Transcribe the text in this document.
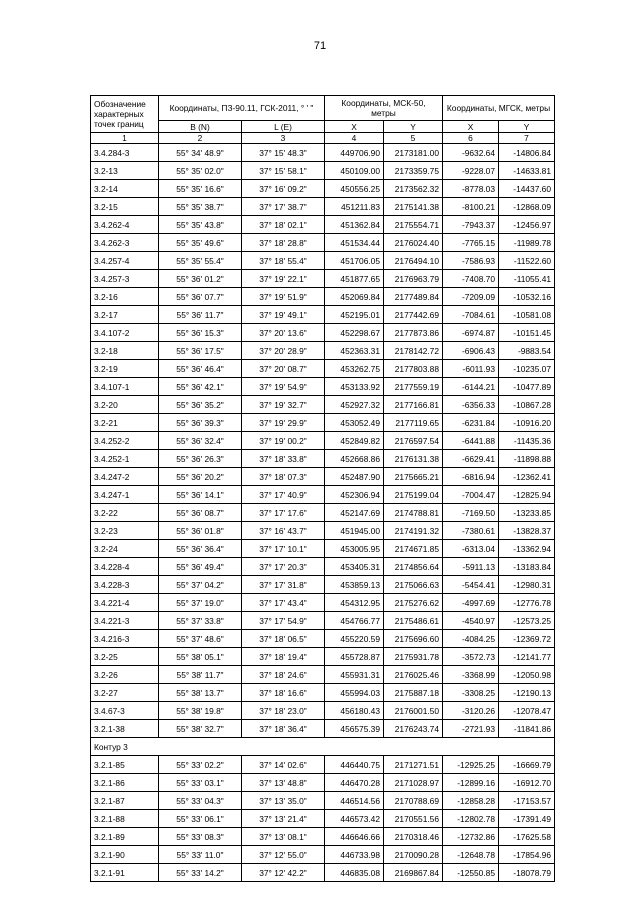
71
Обозначение характерных точек границ	Координаты, ПЗ-90.11, ГСК-2011, ° ' "		Координаты, МСК-50, метры		Координаты, МГСК, метры	
	B (N)	L (E)	X	Y	X	Y
1	2	3	4	5	6	7
3.4.284-3	55° 34' 48.9"	37° 15' 48.3"	449706.90	2173181.00	-9632.64	-14806.84
3.2-13	55° 35' 02.0"	37° 15' 58.1"	450109.00	2173359.75	-9228.07	-14633.81
3.2-14	55° 35' 16.6"	37° 16' 09.2"	450556.25	2173562.32	-8778.03	-14437.60
3.2-15	55° 35' 38.7"	37° 17' 38.7"	451211.83	2175141.38	-8100.21	-12868.09
3.4.262-4	55° 35' 43.8"	37° 18' 02.1"	451362.84	2175554.71	-7943.37	-12456.97
3.4.262-3	55° 35' 49.6"	37° 18' 28.8"	451534.44	2176024.40	-7765.15	-11989.78
3.4.257-4	55° 35' 55.4"	37° 18' 55.4"	451706.05	2176494.10	-7586.93	-11522.60
3.4.257-3	55° 36' 01.2"	37° 19' 22.1"	451877.65	2176963.79	-7408.70	-11055.41
3.2-16	55° 36' 07.7"	37° 19' 51.9"	452069.84	2177489.84	-7209.09	-10532.16
3.2-17	55° 36' 11.7"	37° 19' 49.1"	452195.01	2177442.69	-7084.61	-10581.08
3.4.107-2	55° 36' 15.3"	37° 20' 13.6"	452298.67	2177873.86	-6974.87	-10151.45
3.2-18	55° 36' 17.5"	37° 20' 28.9"	452363.31	2178142.72	-6906.43	-9883.54
3.2-19	55° 36' 46.4"	37° 20' 08.7"	453262.75	2177803.88	-6011.93	-10235.07
3.4.107-1	55° 36' 42.1"	37° 19' 54.9"	453133.92	2177559.19	-6144.21	-10477.89
3.2-20	55° 36' 35.2"	37° 19' 32.7"	452927.32	2177166.81	-6356.33	-10867.28
3.2-21	55° 36' 39.3"	37° 19' 29.9"	453052.49	2177119.65	-6231.84	-10916.20
3.4.252-2	55° 36' 32.4"	37° 19' 00.2"	452849.82	2176597.54	-6441.88	-11435.36
3.4.252-1	55° 36' 26.3"	37° 18' 33.8"	452668.86	2176131.38	-6629.41	-11898.88
3.4.247-2	55° 36' 20.2"	37° 18' 07.3"	452487.90	2175665.21	-6816.94	-12362.41
3.4.247-1	55° 36' 14.1"	37° 17' 40.9"	452306.94	2175199.04	-7004.47	-12825.94
3.2-22	55° 36' 08.7"	37° 17' 17.6"	452147.69	2174788.81	-7169.50	-13233.85
3.2-23	55° 36' 01.8"	37° 16' 43.7"	451945.00	2174191.32	-7380.61	-13828.37
3.2-24	55° 36' 36.4"	37° 17' 10.1"	453005.95	2174671.85	-6313.04	-13362.94
3.4.228-4	55° 36' 49.4"	37° 17' 20.3"	453405.31	2174856.64	-5911.13	-13183.84
3.4.228-3	55° 37' 04.2"	37° 17' 31.8"	453859.13	2175066.63	-5454.41	-12980.31
3.4.221-4	55° 37' 19.0"	37° 17' 43.4"	454312.95	2175276.62	-4997.69	-12776.78
3.4.221-3	55° 37' 33.8"	37° 17' 54.9"	454766.77	2175486.61	-4540.97	-12573.25
3.4.216-3	55° 37' 48.6"	37° 18' 06.5"	455220.59	2175696.60	-4084.25	-12369.72
3.2-25	55° 38' 05.1"	37° 18' 19.4"	455728.87	2175931.78	-3572.73	-12141.77
3.2-26	55° 38' 11.7"	37° 18' 24.6"	455931.31	2176025.46	-3368.99	-12050.98
3.2-27	55° 38' 13.7"	37° 18' 16.6"	455994.03	2175887.18	-3308.25	-12190.13
3.4.67-3	55° 38' 19.8"	37° 18' 23.0"	456180.43	2176001.50	-3120.26	-12078.47
3.2.1-38	55° 38' 32.7"	37° 18' 36.4"	456575.39	2176243.74	-2721.93	-11841.86
Контур 3						
3.2.1-85	55° 33' 02.2"	37° 14' 02.6"	446440.75	2171271.51	-12925.25	-16669.79
3.2.1-86	55° 33' 03.1"	37° 13' 48.8"	446470.28	2171028.97	-12899.16	-16912.70
3.2.1-87	55° 33' 04.3"	37° 13' 35.0"	446514.56	2170788.69	-12858.28	-17153.57
3.2.1-88	55° 33' 06.1"	37° 13' 21.4"	446573.42	2170551.56	-12802.78	-17391.49
3.2.1-89	55° 33' 08.3"	37° 13' 08.1"	446646.66	2170318.46	-12732.86	-17625.58
3.2.1-90	55° 33' 11.0"	37° 12' 55.0"	446733.98	2170090.28	-12648.78	-17854.96
3.2.1-91	55° 33' 14.2"	37° 12' 42.2"	446835.08	2169867.84	-12550.85	-18078.79
